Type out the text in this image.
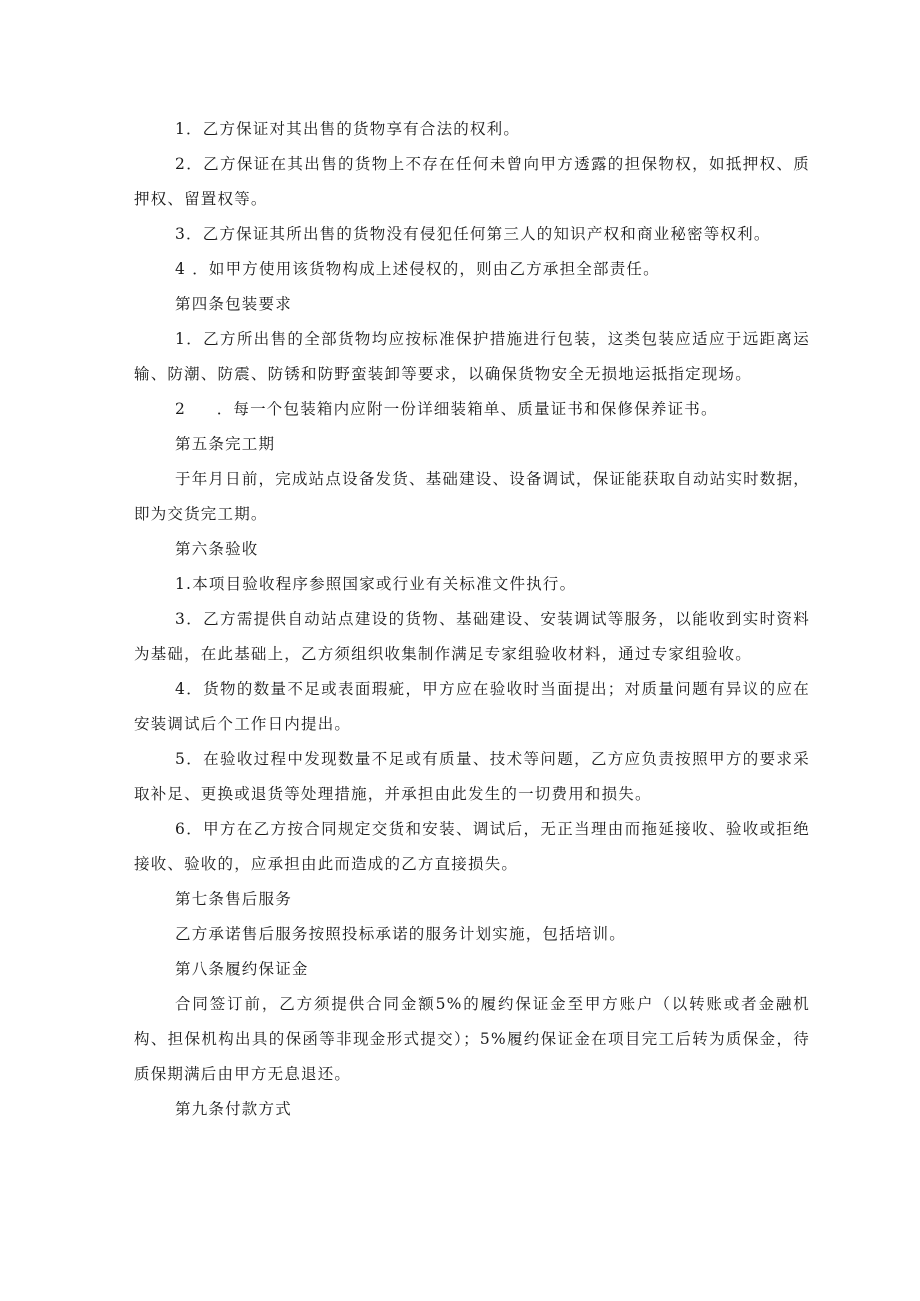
1．乙方保证对其出售的货物享有合法的权利。

2．乙方保证在其出售的货物上不存在任何未曾向甲方透露的担保物权，如抵押权、质押权、留置权等。

3．乙方保证其所出售的货物没有侵犯任何第三人的知识产权和商业秘密等权利。

4 ．如甲方使用该货物构成上述侵权的，则由乙方承担全部责任。

第四条包装要求

1．乙方所出售的全部货物均应按标准保护措施进行包装，这类包装应适应于远距离运输、防潮、防震、防锈和防野蛮装卸等要求，以确保货物安全无损地运抵指定现场。

2     ．每一个包装箱内应附一份详细装箱单、质量证书和保修保养证书。

第五条完工期

于年月日前，完成站点设备发货、基础建设、设备调试，保证能获取自动站实时数据，即为交货完工期。

第六条验收

1.本项目验收程序参照国家或行业有关标准文件执行。

3．乙方需提供自动站点建设的货物、基础建设、安装调试等服务，以能收到实时资料为基础，在此基础上，乙方须组织收集制作满足专家组验收材料，通过专家组验收。

4．货物的数量不足或表面瑕疵，甲方应在验收时当面提出；对质量问题有异议的应在安装调试后个工作日内提出。

5．在验收过程中发现数量不足或有质量、技术等问题，乙方应负责按照甲方的要求采取补足、更换或退货等处理措施，并承担由此发生的一切费用和损失。

6．甲方在乙方按合同规定交货和安装、调试后，无正当理由而拖延接收、验收或拒绝接收、验收的，应承担由此而造成的乙方直接损失。

第七条售后服务

乙方承诺售后服务按照投标承诺的服务计划实施，包括培训。

第八条履约保证金

合同签订前，乙方须提供合同金额5%的履约保证金至甲方账户（以转账或者金融机构、担保机构出具的保函等非现金形式提交）；5%履约保证金在项目完工后转为质保金，待质保期满后由甲方无息退还。

第九条付款方式
